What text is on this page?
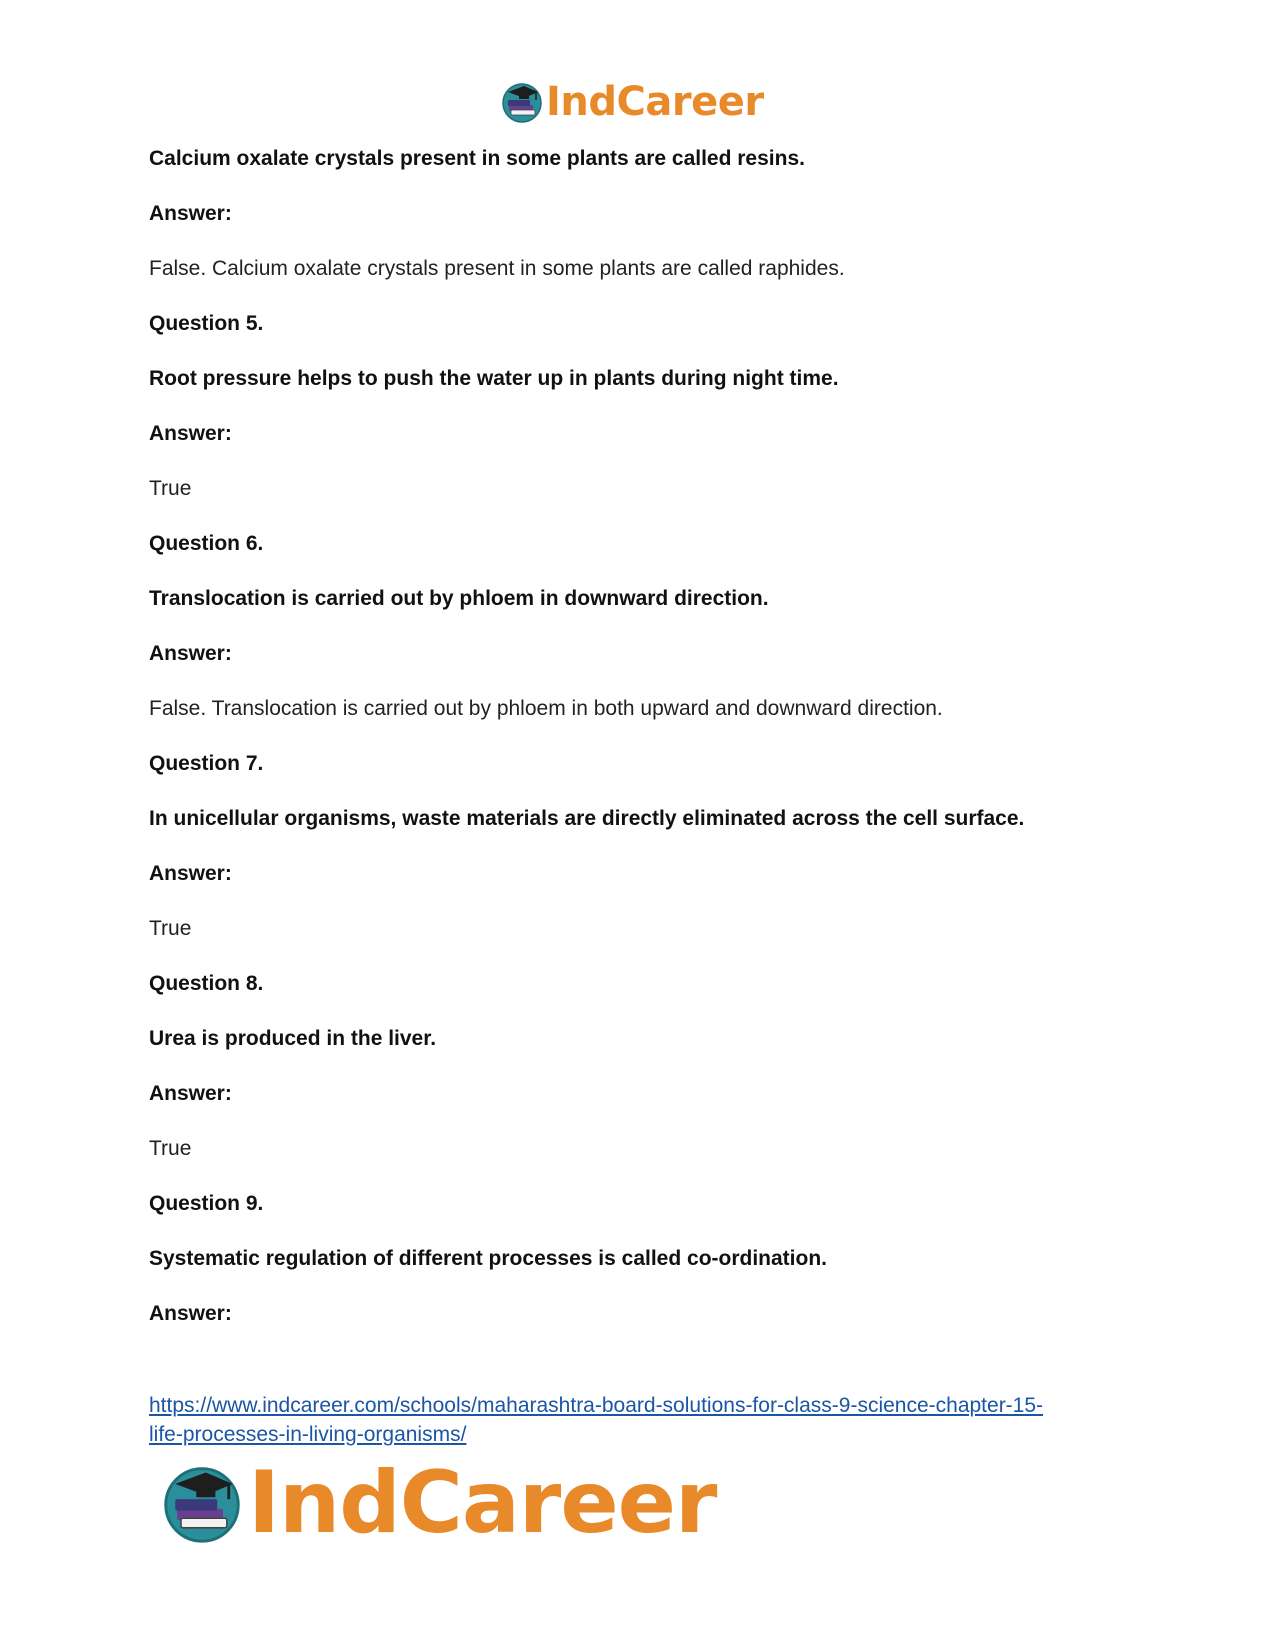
IndCareer
Calcium oxalate crystals present in some plants are called resins.
Answer:
False. Calcium oxalate crystals present in some plants are called raphides.
Question 5.
Root pressure helps to push the water up in plants during night time.
Answer:
True
Question 6.
Translocation is carried out by phloem in downward direction.
Answer:
False. Translocation is carried out by phloem in both upward and downward direction.
Question 7.
In unicellular organisms, waste materials are directly eliminated across the cell surface.
Answer:
True
Question 8.
Urea is produced in the liver.
Answer:
True
Question 9.
Systematic regulation of different processes is called co-ordination.
Answer:
https://www.indcareer.com/schools/maharashtra-board-solutions-for-class-9-science-chapter-15-
life-processes-in-living-organisms/
IndCareer
